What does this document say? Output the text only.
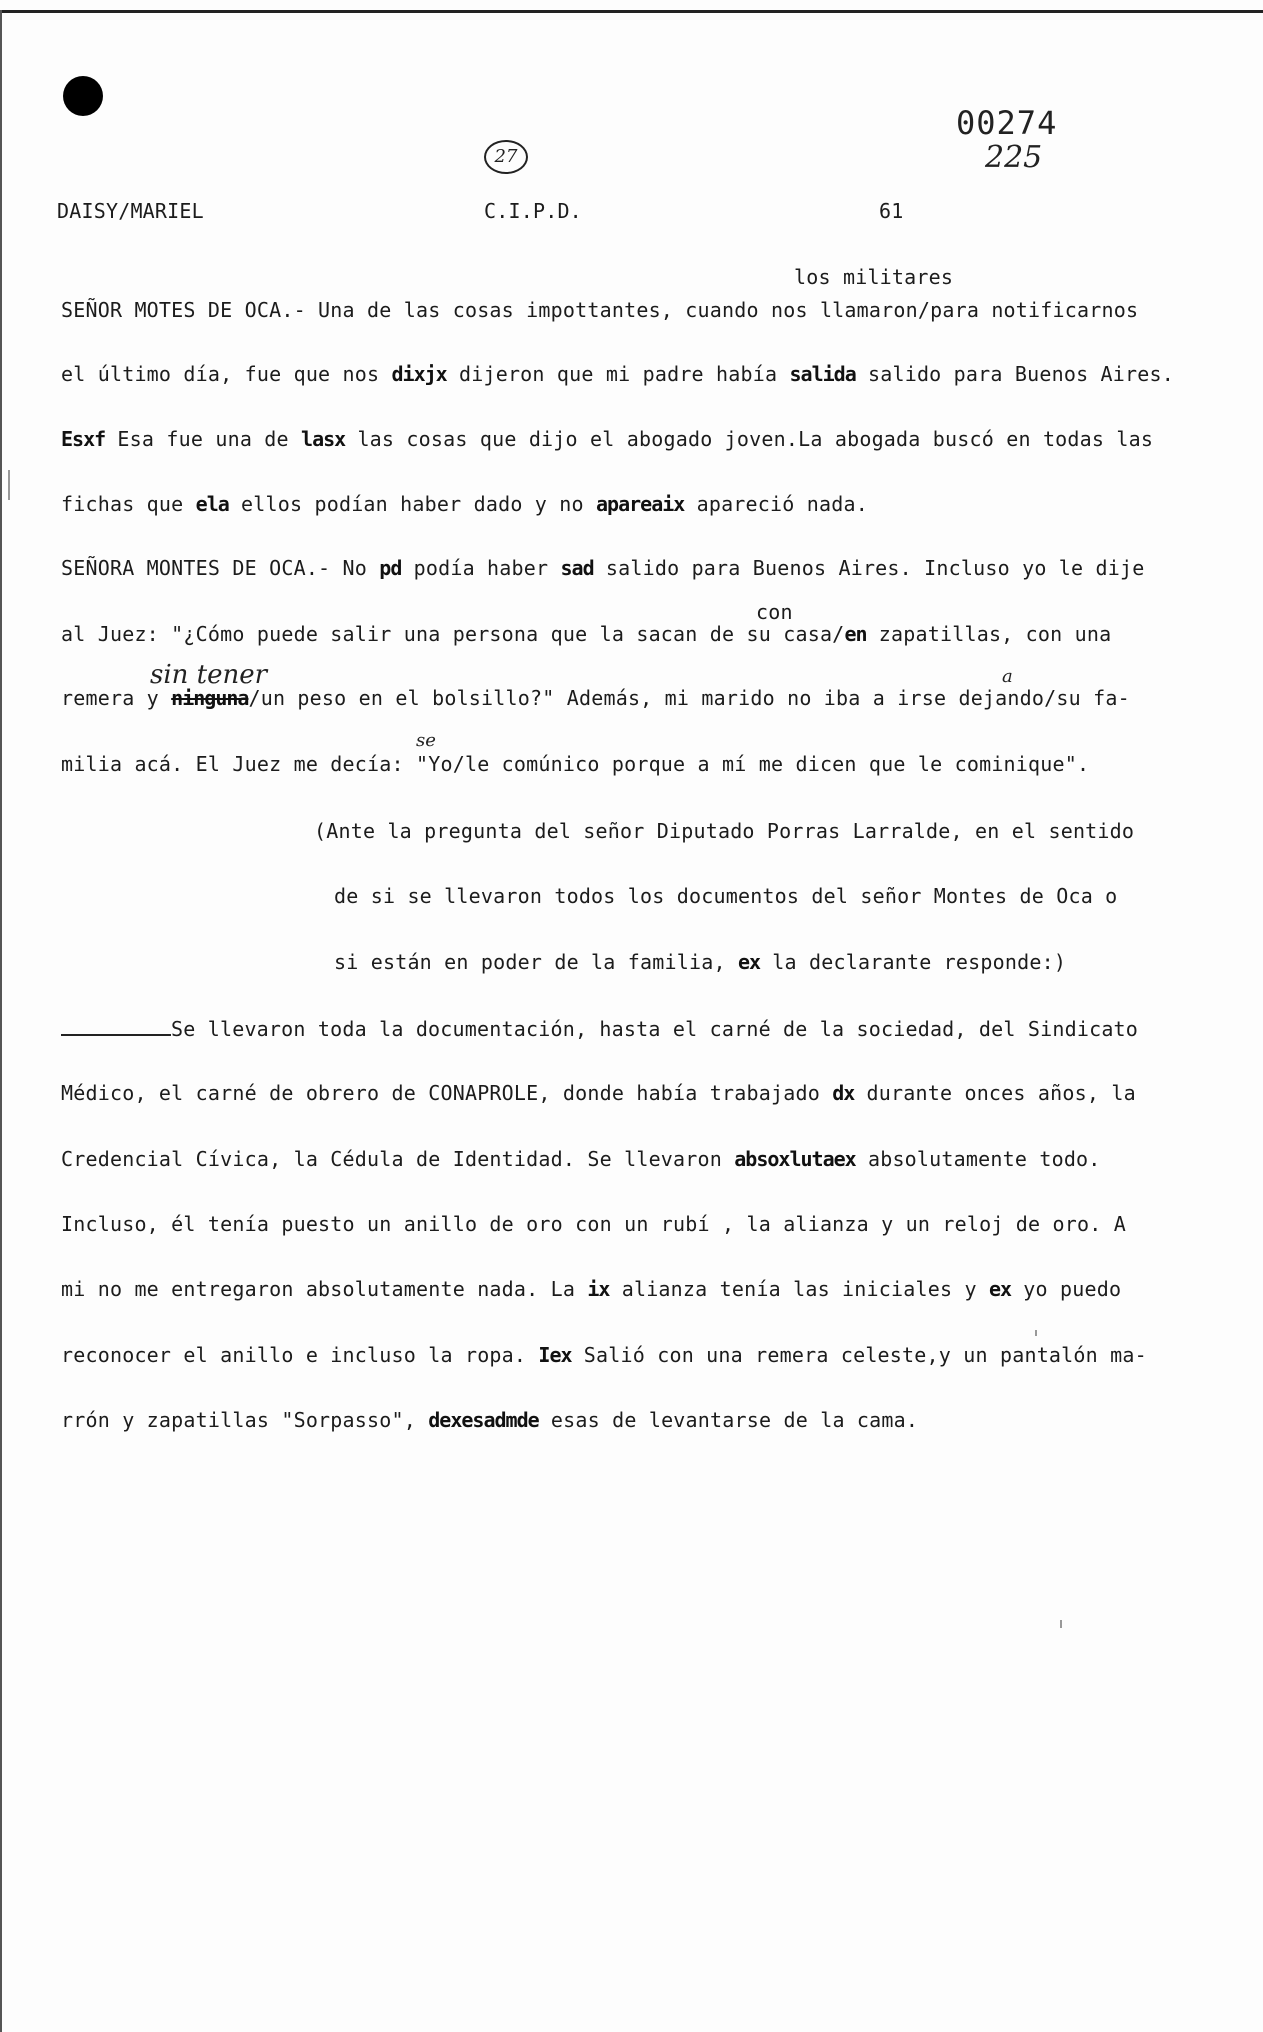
00274
225
27
DAISY/MARIEL	C.I.P.D.	61
los militares
SEÑOR MOTES DE OCA.- Una de las cosas impottantes, cuando nos llamaron/para notificarnos
el último día, fue que nos dixjx dijeron que mi padre había salida salido para Buenos Aires.
Esxf Esa fue una de lasx las cosas que dijo el abogado joven.La abogada buscó en todas las
fichas que ela ellos podían haber dado y no apareaix apareció nada.
SEÑORA MONTES DE OCA.- No pd podía haber sad salido para Buenos Aires. Incluso yo le dije
con
al Juez: "¿Cómo puede salir una persona que la sacan de su casa/en zapatillas, con una
sin tener	a
remera y ninguna/un peso en el bolsillo?" Además, mi marido no iba a irse dejando/su fa-
se
milia acá. El Juez me decía: "Yo/le comúnico porque a mí me dicen que le cominique".
(Ante la pregunta del señor Diputado Porras Larralde, en el sentido
de si se llevaron todos los documentos del señor Montes de Oca o
si están en poder de la familia, ex la declarante responde:)
Se llevaron toda la documentación, hasta el carné de la sociedad, del Sindicato
Médico, el carné de obrero de CONAPROLE, donde había trabajado dx durante onces años, la
Credencial Cívica, la Cédula de Identidad. Se llevaron absoxlutaex absolutamente todo.
Incluso, él tenía puesto un anillo de oro con un rubí , la alianza y un reloj de oro. A
mi no me entregaron absolutamente nada. La ix alianza tenía las iniciales y ex yo puedo
reconocer el anillo e incluso la ropa. Iex Salió con una remera celeste,y un pantalón ma-
rrón y zapatillas "Sorpasso", dexesadmde esas de levantarse de la cama.
